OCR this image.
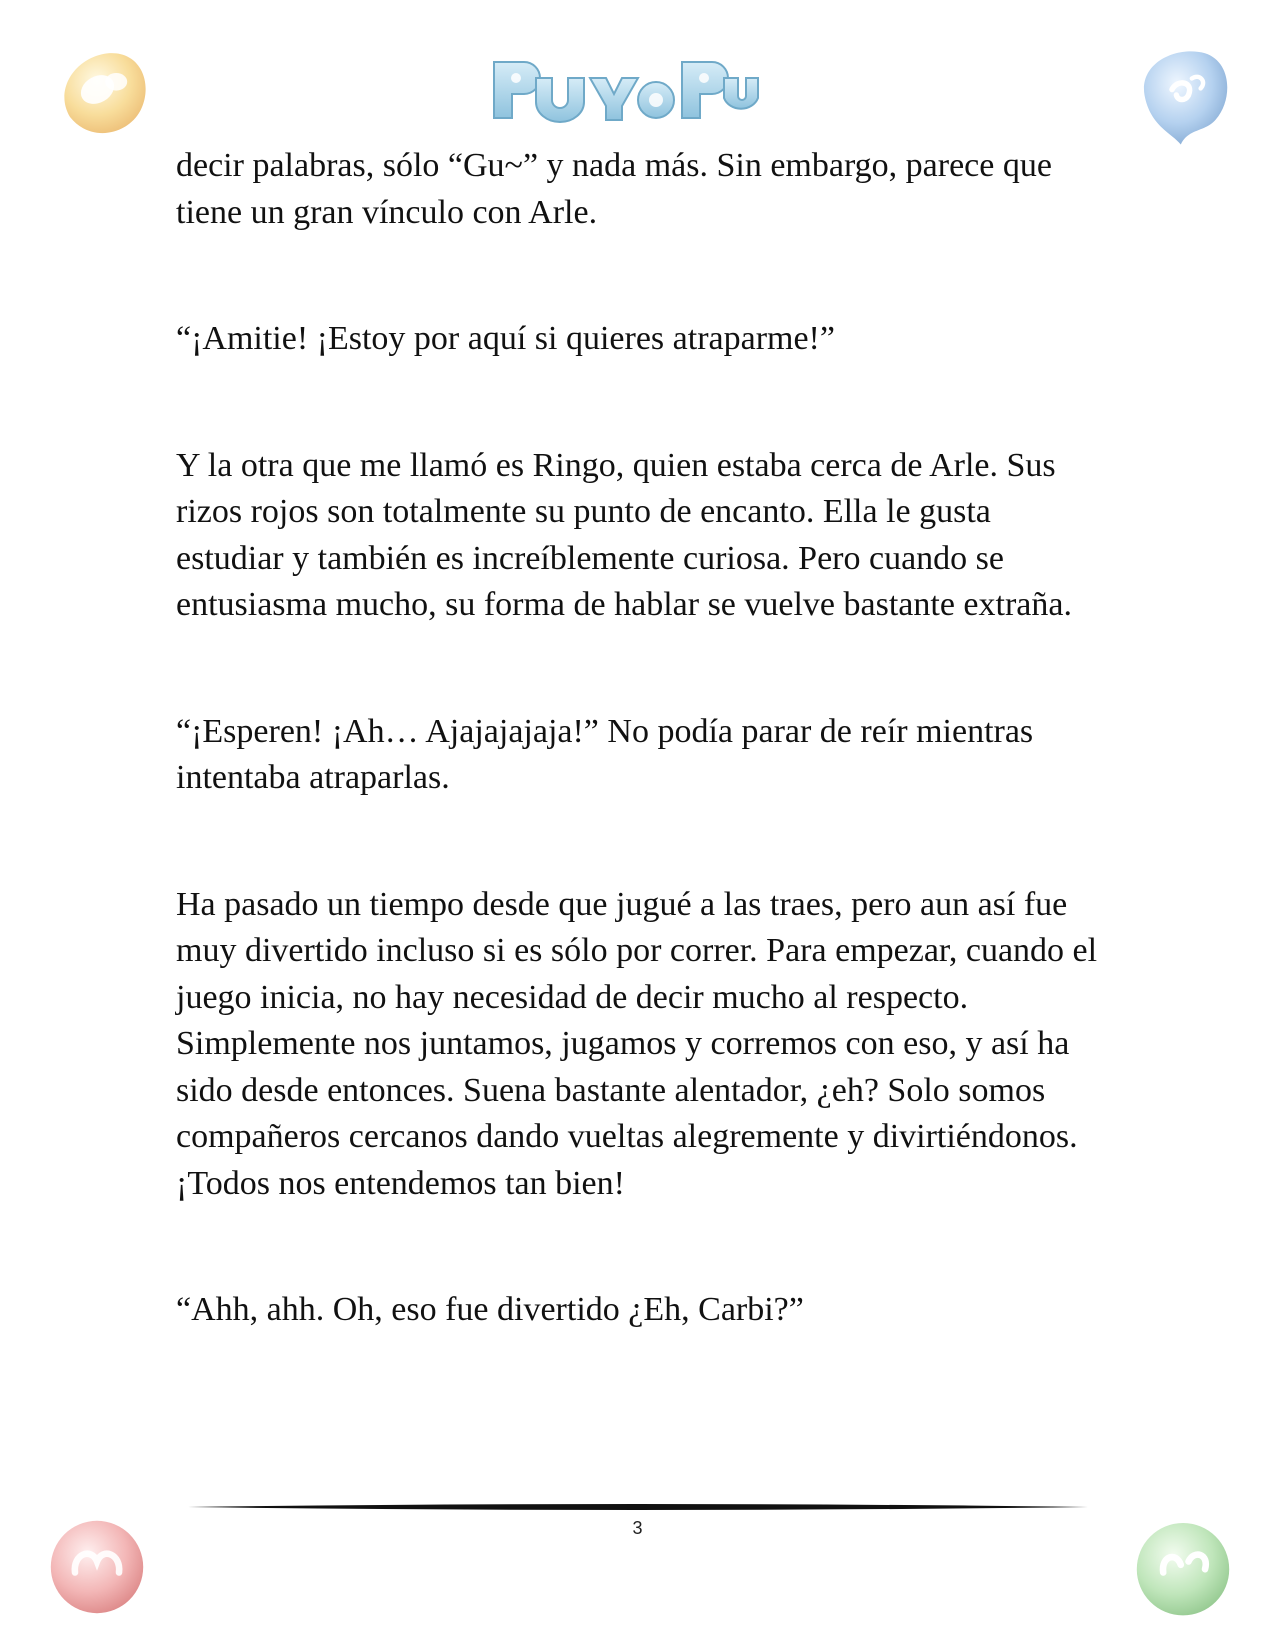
decir palabras, sólo “Gu~” y nada más. Sin embargo, parece que tiene un gran vínculo con Arle.

“¡Amitie! ¡Estoy por aquí si quieres atraparme!”

Y la otra que me llamó es Ringo, quien estaba cerca de Arle. Sus rizos rojos son totalmente su punto de encanto. Ella le gusta estudiar y también es increíblemente curiosa. Pero cuando se entusiasma mucho, su forma de hablar se vuelve bastante extraña.

“¡Esperen! ¡Ah… Ajajajajaja!” No podía parar de reír mientras intentaba atraparlas.

Ha pasado un tiempo desde que jugué a las traes, pero aun así fue muy divertido incluso si es sólo por correr. Para empezar, cuando el juego inicia, no hay necesidad de decir mucho al respecto. Simplemente nos juntamos, jugamos y corremos con eso, y así ha sido desde entonces. Suena bastante alentador, ¿eh? Solo somos compañeros cercanos dando vueltas alegremente y divirtiéndonos. ¡Todos nos entendemos tan bien!

“Ahh, ahh. Oh, eso fue divertido ¿Eh, Carbi?”

3
